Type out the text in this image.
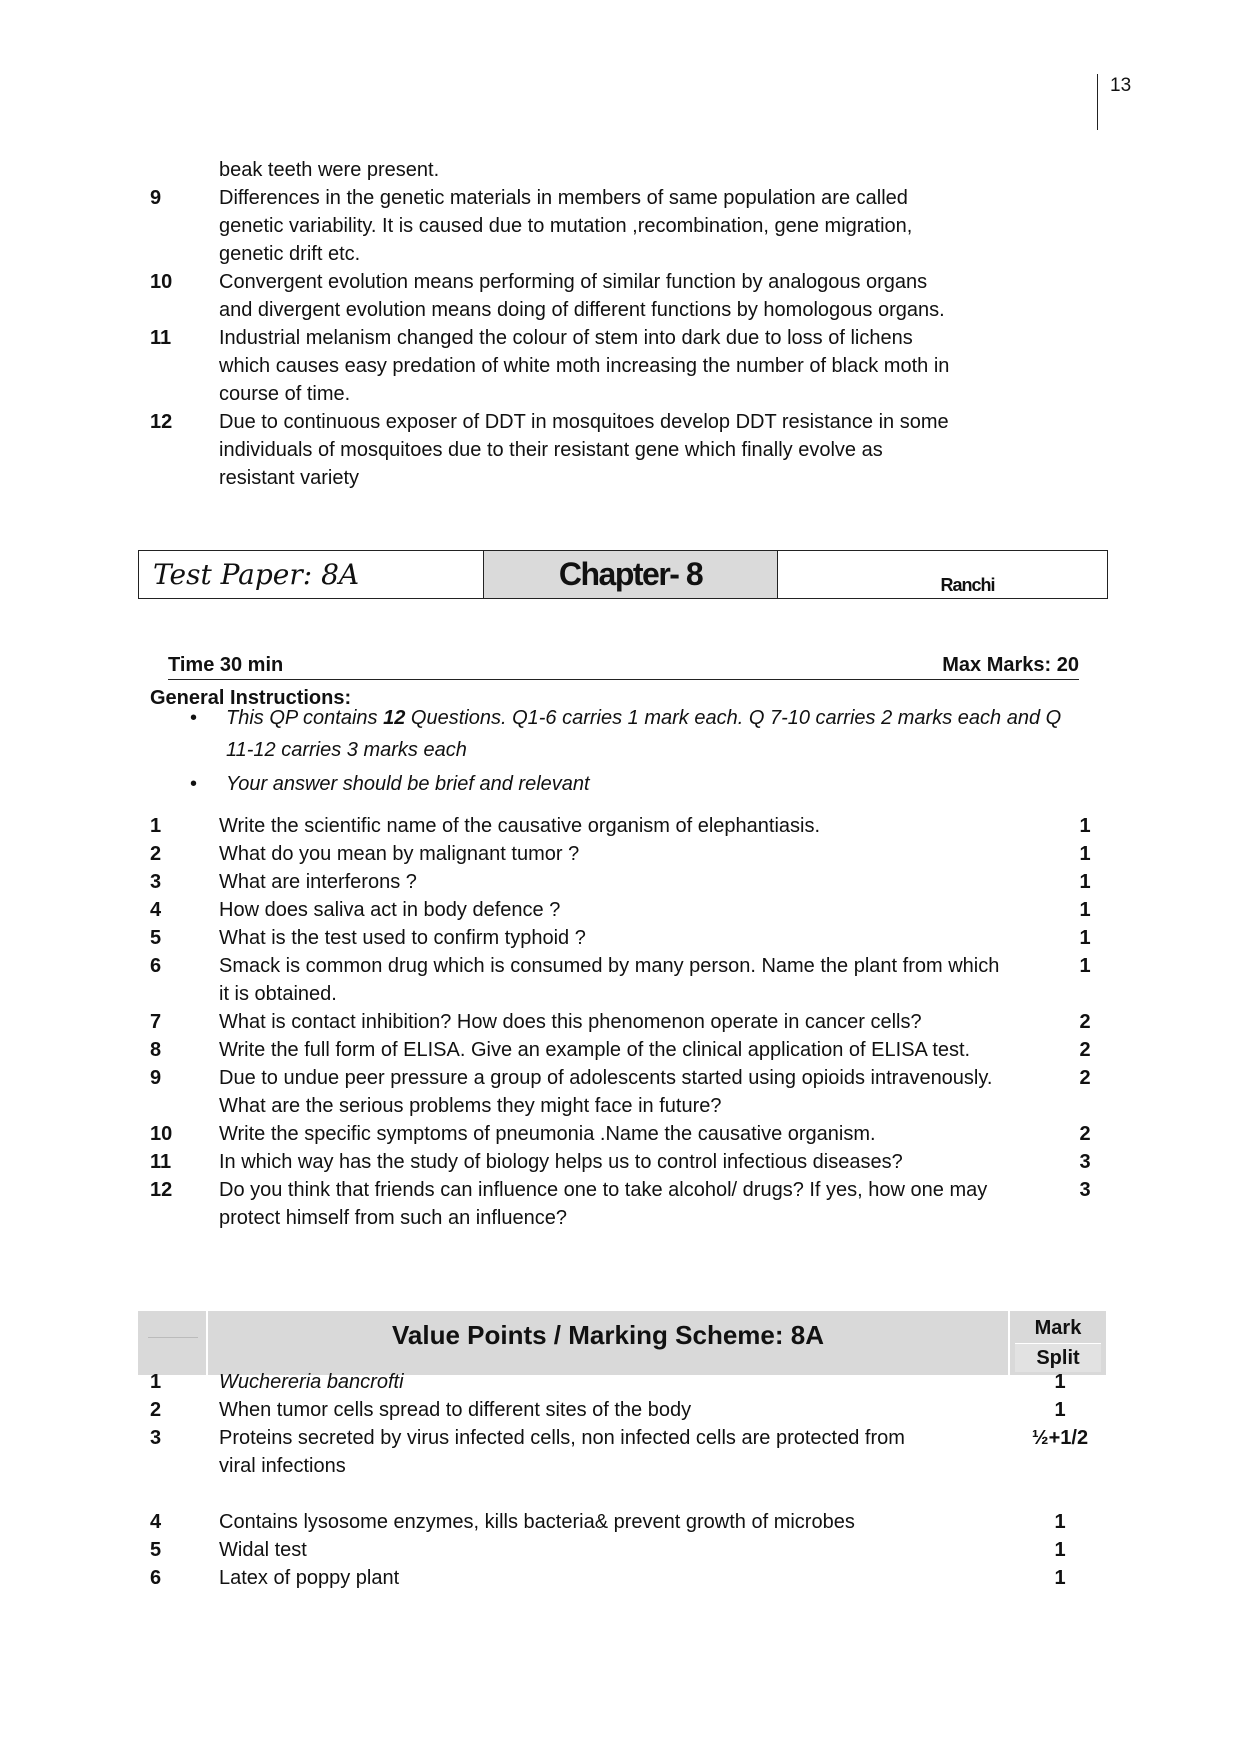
13
beak teeth were present.
9	Differences in the genetic materials in members of same population are called
genetic variability. It is caused due to mutation ,recombination, gene migration,
genetic drift etc.
10 Convergent evolution means performing of similar function by analogous organs
and divergent evolution means doing of different functions by homologous organs.
11 Industrial melanism changed the colour of stem into dark due to loss of lichens
which causes easy predation of white moth increasing the number of black moth in
course of time.
12 Due to continuous exposer of DDT in mosquitoes develop DDT resistance in some
individuals of mosquitoes due to their resistant gene which finally evolve as
resistant variety
Test Paper: 8A	Chapter- 8	Ranchi
Time 30 min	Max Marks: 20
General Instructions:
• This QP contains 12 Questions. Q1-6 carries 1 mark each. Q 7-10 carries 2 marks each and Q
11-12 carries 3 marks each
• Your answer should be brief and relevant
1	Write the scientific name of the causative organism of elephantiasis.	1
2	What do you mean by malignant tumor ?	1
3	What are interferons ?	1
4	How does saliva act in body defence ?	1
5	What is the test used to confirm typhoid ?	1
6	Smack is common drug which is consumed by many person. Name the plant from which
it is obtained.
1
7	What is contact inhibition? How does this phenomenon operate in cancer cells?	2
8	Write the full form of ELISA. Give an example of the clinical application of ELISA test.	2
9	Due to undue peer pressure a group of adolescents started using opioids intravenously.
What are the serious problems they might face in future?
2
10 Write the specific symptoms of pneumonia .Name the causative organism.	2
11 In which way has the study of biology helps us to control infectious diseases?	3
12 Do you think that friends can influence one to take alcohol/ drugs? If yes, how one may
protect himself from such an influence?
3
Value Points / Marking Scheme: 8A	Mark
Split
1	Wuchereria bancrofti	1
2	When tumor cells spread to different sites of the body	1
3	Proteins secreted by virus infected cells, non infected cells are protected from
viral infections
½+1/2
4	Contains lysosome enzymes, kills bacteria& prevent growth of microbes	1
5	Widal test	1
6	Latex of poppy plant	1
